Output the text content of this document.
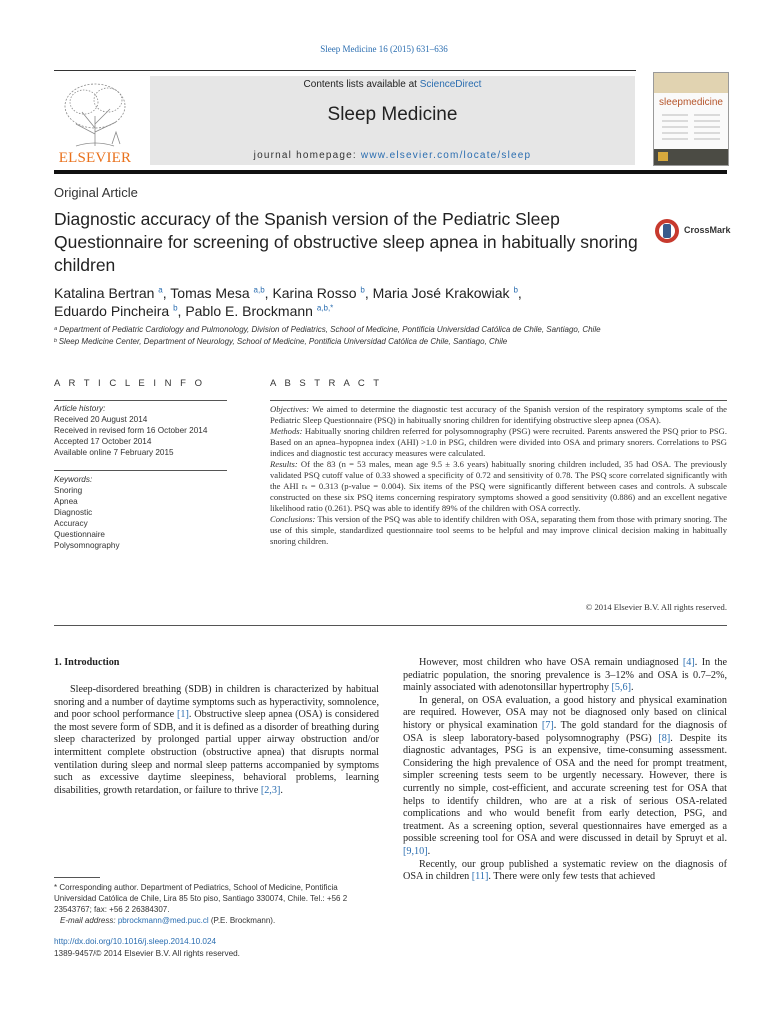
Sleep Medicine 16 (2015) 631–636
ELSEVIER
Contents lists available at ScienceDirect
Sleep Medicine
journal homepage: www.elsevier.com/locate/sleep
sleepmedicine
Original Article
Diagnostic accuracy of the Spanish version of the Pediatric Sleep Questionnaire for screening of obstructive sleep apnea in habitually snoring children
CrossMark
Katalina Bertran $^a$, Tomas Mesa $^{a,b}$, Karina Rosso $^b$, Maria José Krakowiak $^b$,
Eduardo Pincheira $^b$, Pablo E. Brockmann $^{a,b,*}$
ᵃ Department of Pediatric Cardiology and Pulmonology, Division of Pediatrics, School of Medicine, Pontificia Universidad Católica de Chile, Santiago, Chile
ᵇ Sleep Medicine Center, Department of Neurology, School of Medicine, Pontificia Universidad Católica de Chile, Santiago, Chile
A R T I C L E I N F O
Article history:
Received 20 August 2014
Received in revised form 16 October 2014
Accepted 17 October 2014
Available online 7 February 2015
Keywords:
Snoring
Apnea
Diagnostic
Accuracy
Questionnaire
Polysomnography
A B S T R A C T

Objectives: We aimed to determine the diagnostic test accuracy of the Spanish version of the respiratory symptoms scale of the Pediatric Sleep Questionnaire (PSQ) in habitually snoring children for identifying obstructive sleep apnea (OSA).

Methods: Habitually snoring children referred for polysomnography (PSG) were recruited. Parents answered the PSQ prior to PSG. Based on an apnea–hypopnea index (AHI) >1.0 in PSG, children were divided into OSA and primary snorers. Correlations to PSG indices and diagnostic test accuracy measures were calculated.

Results: Of the 83 (n = 53 males, mean age 9.5 ± 3.6 years) habitually snoring children included, 35 had OSA. The previously validated PSQ cutoff value of 0.33 showed a specificity of 0.72 and sensitivity of 0.78. The PSQ score correlated significantly with the AHI rₛ = 0.313 (p-value = 0.004). Six items of the PSQ were significantly different between cases and controls. A subscale constructed on these six PSQ items concerning respiratory symptoms showed a good sensitivity (0.886) and an excellent negative likelihood ratio (0.261). PSQ was able to identify 89% of the children with OSA correctly.

Conclusions: This version of the PSQ was able to identify children with OSA, separating them from those with primary snoring. The use of this simple, standardized questionnaire tool seems to be helpful and may improve clinical decision making in habitually snoring children.

© 2014 Elsevier B.V. All rights reserved.
1. Introduction

Sleep-disordered breathing (SDB) in children is characterized by habitual snoring and a number of daytime symptoms such as hyperactivity, somnolence, and poor school performance [1]. Obstructive sleep apnea (OSA) is considered the most severe form of SDB, and it is defined as a disorder of breathing during sleep characterized by prolonged partial upper airway obstruction and/or intermittent complete obstruction (obstructive apnea) that disrupts normal ventilation during sleep and normal sleep patterns accompanied by symptoms such as excessive daytime sleepiness, behavioral problems, learning disabilities, growth retardation, or failure to thrive [2,3].

However, most children who have OSA remain undiagnosed [4]. In the pediatric population, the snoring prevalence is 3–12% and OSA is 0.7–2%, mainly associated with adenotonsillar hypertrophy [5,6].

In general, on OSA evaluation, a good history and physical examination are required. However, OSA may not be diagnosed only based on clinical history or physical examination [7]. The gold standard for the diagnosis of OSA is sleep laboratory-based polysomnography (PSG) [8]. Despite its diagnostic advantages, PSG is an expensive, time-consuming assessment. Considering the high prevalence of OSA and the need for prompt treatment, simpler screening tests seem to be urgently necessary. However, there is currently no simple, cost-efficient, and accurate screening test for OSA that helps to identify children, who are at a risk of serious OSA-related complications and who would benefit from early detection, PSG, and treatment. As a screening option, several questionnaires have emerged as a possible screening tool for OSA and were discussed in detail by Spruyt et al. [9,10].

Recently, our group published a systematic review on the diagnosis of OSA in children [11]. There were only few tests that achieved

* Corresponding author. Department of Pediatrics, School of Medicine, Pontificia Universidad Católica de Chile, Lira 85 5to piso, Santiago 330074, Chile. Tel.: +56 2 23543767; fax: +56 2 26384307.

E-mail address: pbrockmann@med.puc.cl (P.E. Brockmann).

http://dx.doi.org/10.1016/j.sleep.2014.10.024
1389-9457/© 2014 Elsevier B.V. All rights reserved.
